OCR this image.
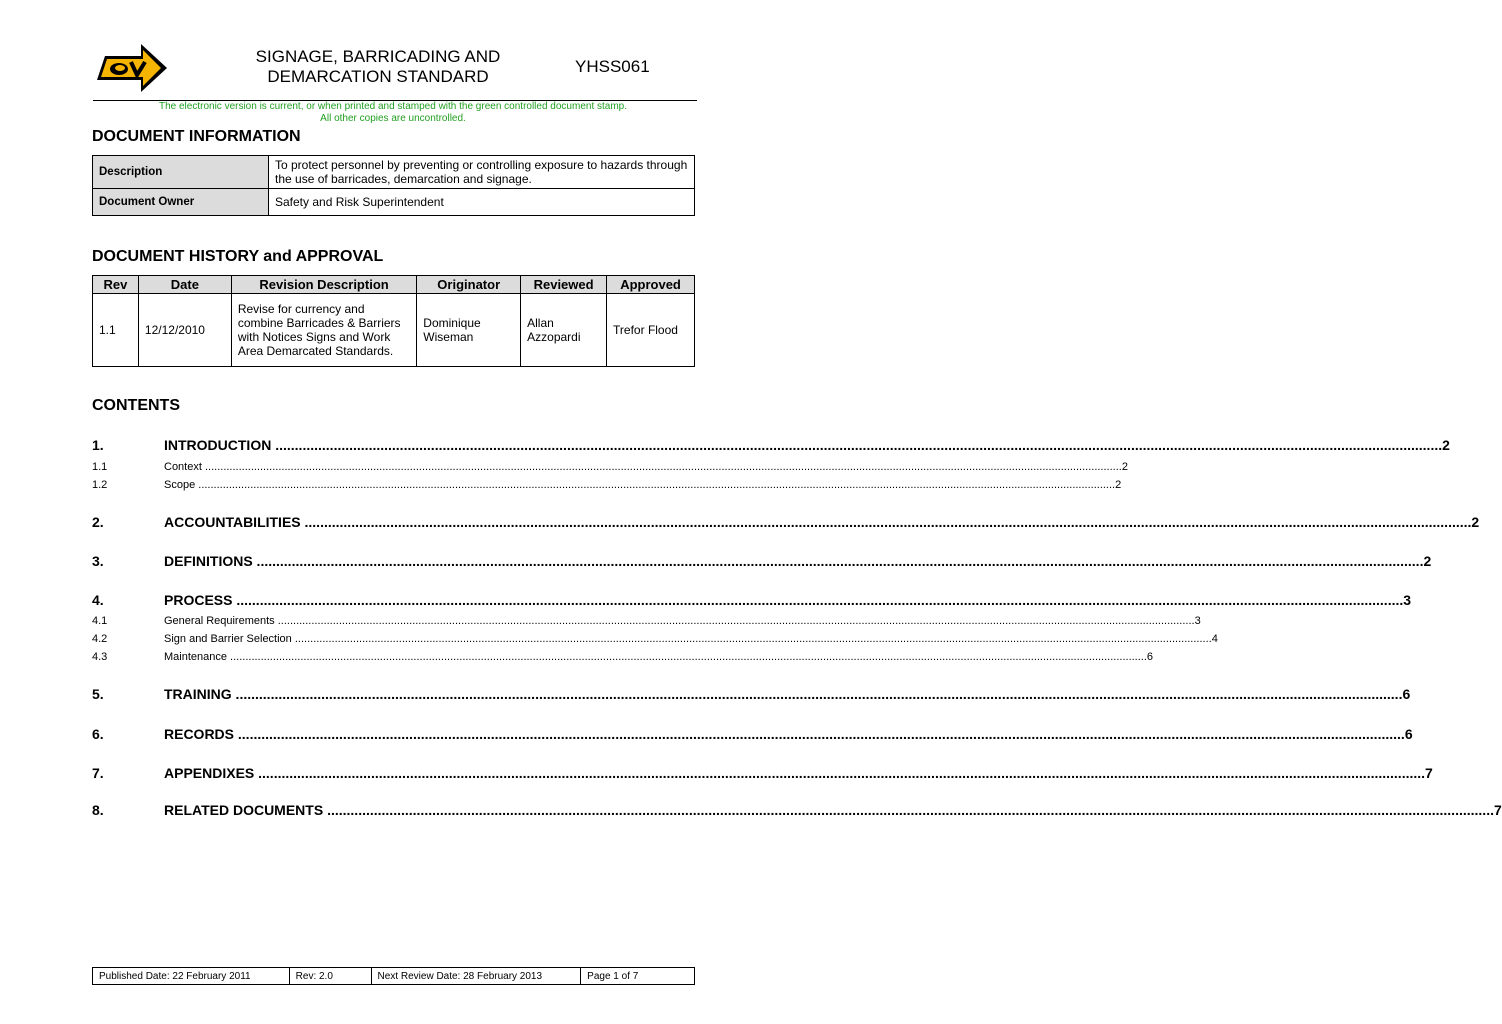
SIGNAGE, BARRICADING AND
DEMARCATION STANDARD
YHSS061
The electronic version is current, or when printed and stamped with the green controlled document stamp.
All other copies are uncontrolled.
DOCUMENT INFORMATION
Description	To protect personnel by preventing or controlling exposure to hazards through the use of barricades, demarcation and signage.
Document Owner	Safety and Risk Superintendent
DOCUMENT HISTORY and APPROVAL
Rev	Date	Revision Description	Originator	Reviewed	Approved
1.1	12/12/2010	Revise for currency and combine Barricades & Barriers with Notices Signs and Work Area Demarcated Standards.	Dominique Wiseman	Allan Azzopardi	Trefor Flood
CONTENTS
1.	INTRODUCTION ............................................................................................................................................................................................................................................................................................................ 2
1.1	Context ............................................................................................................................................................................................................................................................................................................ 2
1.2	Scope ............................................................................................................................................................................................................................................................................................................ 2
2.	ACCOUNTABILITIES ............................................................................................................................................................................................................................................................................................................ 2
3.	DEFINITIONS ............................................................................................................................................................................................................................................................................................................ 2
4.	PROCESS ............................................................................................................................................................................................................................................................................................................ 3
4.1	General Requirements ............................................................................................................................................................................................................................................................................................................ 3
4.2	Sign and Barrier Selection ............................................................................................................................................................................................................................................................................................................ 4
4.3	Maintenance ............................................................................................................................................................................................................................................................................................................ 6
5.	TRAINING ............................................................................................................................................................................................................................................................................................................ 6
6.	RECORDS ............................................................................................................................................................................................................................................................................................................ 6
7.	APPENDIXES ............................................................................................................................................................................................................................................................................................................ 7
8.	RELATED DOCUMENTS ............................................................................................................................................................................................................................................................................................................ 7
Published Date: 22 February 2011	Rev: 2.0	Next Review Date: 28 February 2013	Page 1 of 7
